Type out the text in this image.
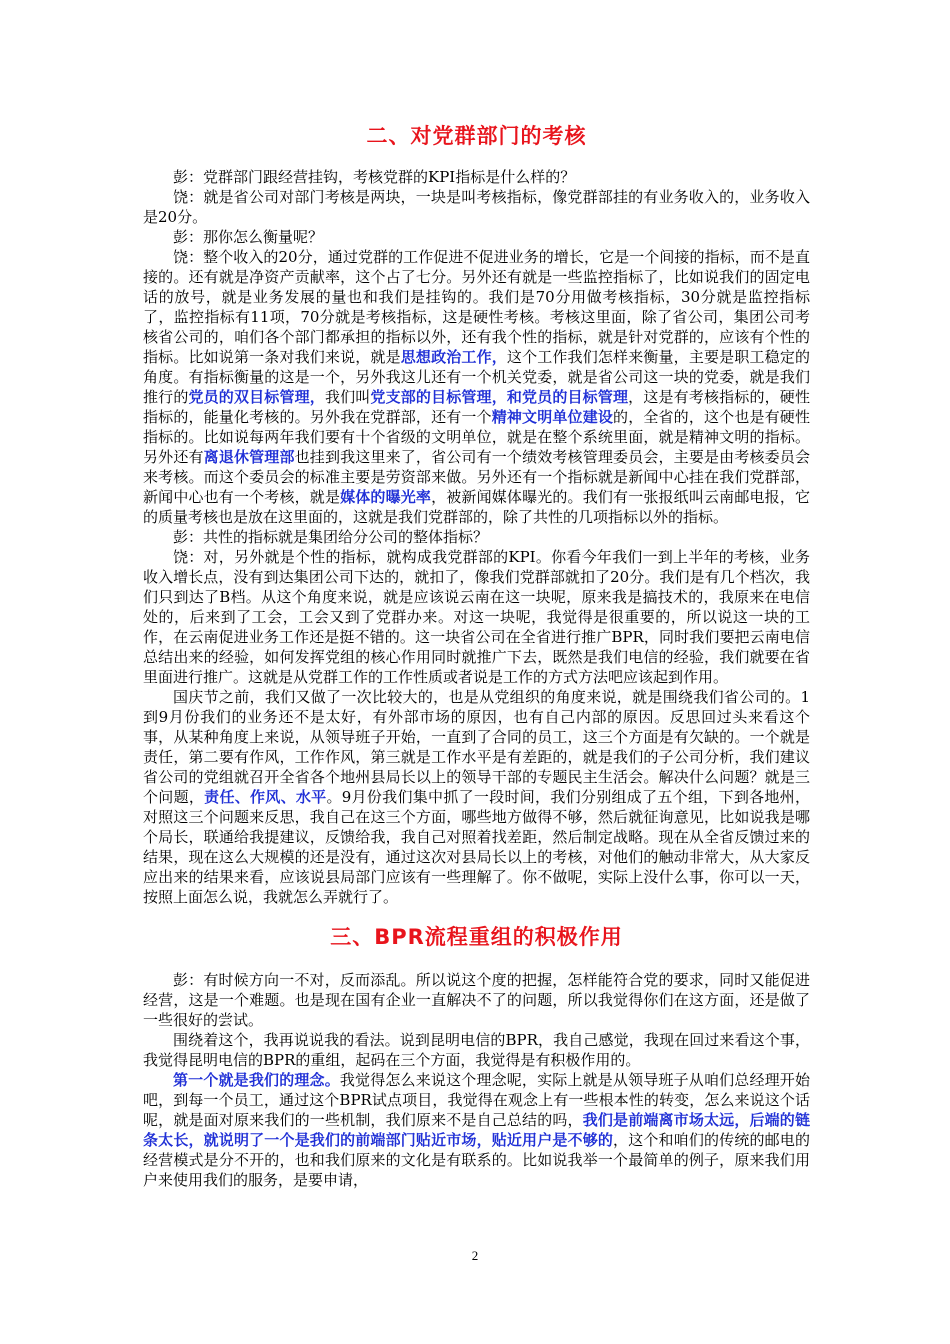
二、对党群部门的考核

彭：党群部门跟经营挂钩，考核党群的KPI指标是什么样的？

饶：就是省公司对部门考核是两块，一块是叫考核指标，像党群部挂的有业务收入的，业务收入是20分。

彭：那你怎么衡量呢？

饶：整个收入的20分，通过党群的工作促进不促进业务的增长，它是一个间接的指标，而不是直接的。还有就是净资产贡献率，这个占了七分。另外还有就是一些监控指标了，比如说我们的固定电话的放号，就是业务发展的量也和我们是挂钩的。我们是70分用做考核指标，30分就是监控指标了，监控指标有11项，70分就是考核指标，这是硬性考核。考核这里面，除了省公司，集团公司考核省公司的，咱们各个部门都承担的指标以外，还有我个性的指标，就是针对党群的，应该有个性的指标。比如说第一条对我们来说，就是思想政治工作，这个工作我们怎样来衡量，主要是职工稳定的角度。有指标衡量的这是一个，另外我这儿还有一个机关党委，就是省公司这一块的党委，就是我们推行的党员的双目标管理，我们叫党支部的目标管理，和党员的目标管理，这是有考核指标的，硬性指标的，能量化考核的。另外我在党群部，还有一个精神文明单位建设的，全省的，这个也是有硬性指标的。比如说每两年我们要有十个省级的文明单位，就是在整个系统里面，就是精神文明的指标。另外还有离退休管理部也挂到我这里来了，省公司有一个绩效考核管理委员会，主要是由考核委员会来考核。而这个委员会的标准主要是劳资部来做。另外还有一个指标就是新闻中心挂在我们党群部，新闻中心也有一个考核，就是媒体的曝光率，被新闻媒体曝光的。我们有一张报纸叫云南邮电报，它的质量考核也是放在这里面的，这就是我们党群部的，除了共性的几项指标以外的指标。

彭：共性的指标就是集团给分公司的整体指标？

饶：对，另外就是个性的指标，就构成我党群部的KPI。你看今年我们一到上半年的考核，业务收入增长点，没有到达集团公司下达的，就扣了，像我们党群部就扣了20分。我们是有几个档次，我们只到达了B档。从这个角度来说，就是应该说云南在这一块呢，原来我是搞技术的，我原来在电信处的，后来到了工会，工会又到了党群办来。对这一块呢，我觉得是很重要的，所以说这一块的工作，在云南促进业务工作还是挺不错的。这一块省公司在全省进行推广BPR，同时我们要把云南电信总结出来的经验，如何发挥党组的核心作用同时就推广下去，既然是我们电信的经验，我们就要在省里面进行推广。这就是从党群工作的工作性质或者说是工作的方式方法吧应该起到作用。

国庆节之前，我们又做了一次比较大的，也是从党组织的角度来说，就是围绕我们省公司的。1到9月份我们的业务还不是太好，有外部市场的原因，也有自己内部的原因。反思回过头来看这个事，从某种角度上来说，从领导班子开始，一直到了合同的员工，这三个方面是有欠缺的。一个就是责任，第二要有作风，工作作风，第三就是工作水平是有差距的，就是我们的子公司分析，我们建议省公司的党组就召开全省各个地州县局长以上的领导干部的专题民主生活会。解决什么问题？就是三个问题，责任、作风、水平。9月份我们集中抓了一段时间，我们分别组成了五个组，下到各地州，对照这三个问题来反思，我自己在这三个方面，哪些地方做得不够，然后就征询意见，比如说我是哪个局长，联通给我提建议，反馈给我，我自己对照着找差距，然后制定战略。现在从全省反馈过来的结果，现在这么大规模的还是没有，通过这次对县局长以上的考核，对他们的触动非常大，从大家反应出来的结果来看，应该说县局部门应该有一些理解了。你不做呢，实际上没什么事，你可以一天，按照上面怎么说，我就怎么弄就行了。

三、BPR流程重组的积极作用

彭：有时候方向一不对，反而添乱。所以说这个度的把握，怎样能符合党的要求，同时又能促进经营，这是一个难题。也是现在国有企业一直解决不了的问题，所以我觉得你们在这方面，还是做了一些很好的尝试。

围绕着这个，我再说说我的看法。说到昆明电信的BPR，我自己感觉，我现在回过来看这个事，我觉得昆明电信的BPR的重组，起码在三个方面，我觉得是有积极作用的。

第一个就是我们的理念。我觉得怎么来说这个理念呢，实际上就是从领导班子从咱们总经理开始吧，到每一个员工，通过这个BPR试点项目，我觉得在观念上有一些根本性的转变，怎么来说这个话呢，就是面对原来我们的一些机制，我们原来不是自己总结的吗，我们是前端离市场太远，后端的链条太长，就说明了一个是我们的前端部门贴近市场，贴近用户是不够的，这个和咱们的传统的邮电的经营模式是分不开的，也和我们原来的文化是有联系的。比如说我举一个最简单的例子，原来我们用户来使用我们的服务，是要申请，

2
